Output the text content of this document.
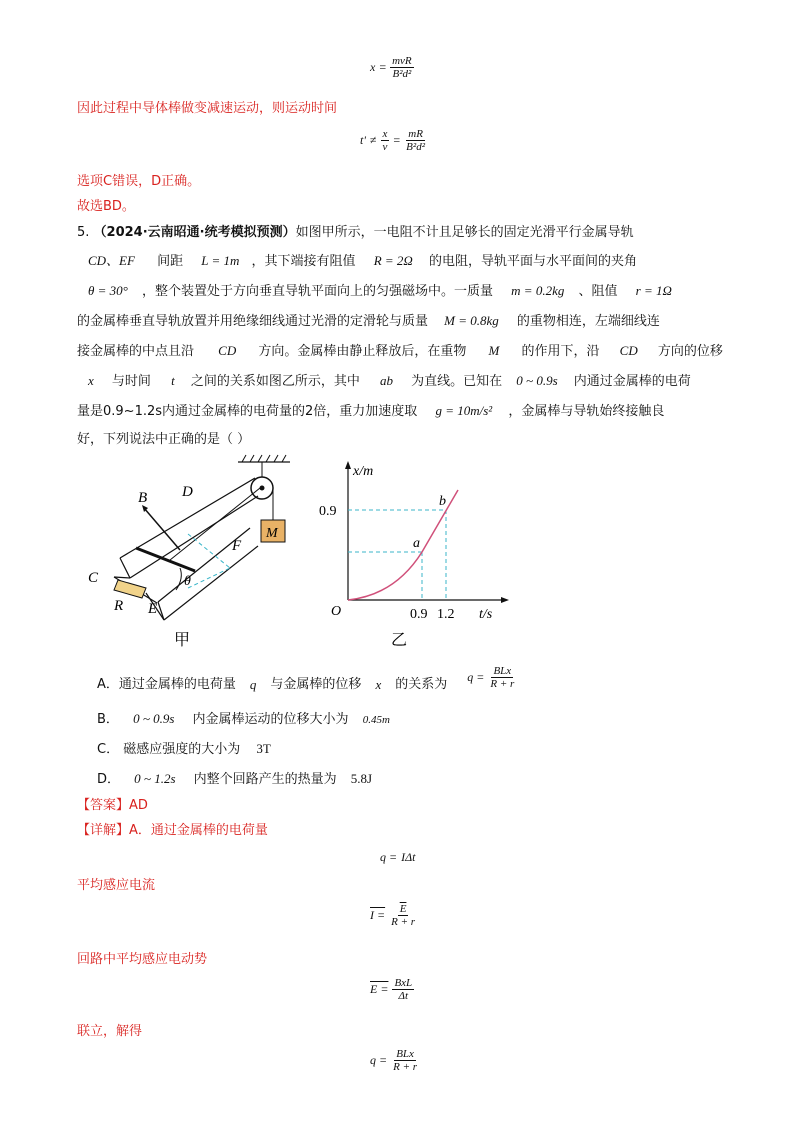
$x = \frac{\text{mvR}}{\text{B²d²}}$
因此过程中导体棒做变减速运动，则运动时间
$t' \ne \frac{x}{v} = \frac{mR}{\text{B²d²}}$
选项C错误，D正确。
故选BD。
5. （2024·云南昭通·统考模拟预测）如图甲所示，一电阻不计且足够长的固定光滑平行金属导轨
CD、EF 间距 L = 1m ，其下端接有阻值 R = 2Ω 的电阻，导轨平面与水平面间的夹角
θ = 30° ，整个装置处于方向垂直导轨平面向上的匀强磁场中。一质量 m = 0.2kg 、阻值 r = 1Ω
的金属棒垂直导轨放置并用绝缘细线通过光滑的定滑轮与质量 M = 0.8kg 的重物相连，左端细线连
接金属棒的中点且沿 CD 方向。金属棒由静止释放后，在重物 M 的作用下，沿 CD 方向的位移
x 与时间 t 之间的关系如图乙所示，其中 ab 为直线。已知在 0 ~ 0.9s 内通过金属棒的电荷
量是0.9~1.2s内通过金属棒的电荷量的2倍，重力加速度取 g = 10m/s² ，金属棒与导轨始终接触良
好，下列说法中正确的是（ ）
M
B D
F
C
R E
θ
甲
x/m
t/s
O
0.9
0.9 1.2
a
b
乙
A． 通过金属棒的电荷量 q 与金属棒的位移 x 的关系为 $q = \frac{\text{BLx}}{R + r}$
B． 0 ~ 0.9s 内金属棒运动的位移大小为 0.45m
C． 磁感应强度的大小为 3T
D． 0 ~ 1.2s 内整个回路产生的热量为 5.8J
【答案】AD
【详解】A．通过金属棒的电荷量
q = IΔt
平均感应电流
$I = \frac{\overline{E}}{R + r}$
回路中平均感应电动势
$E = \frac{\text{BxL}}{\Delta t}$
联立，解得
$q = \frac{\text{BLx}}{R + r}$
